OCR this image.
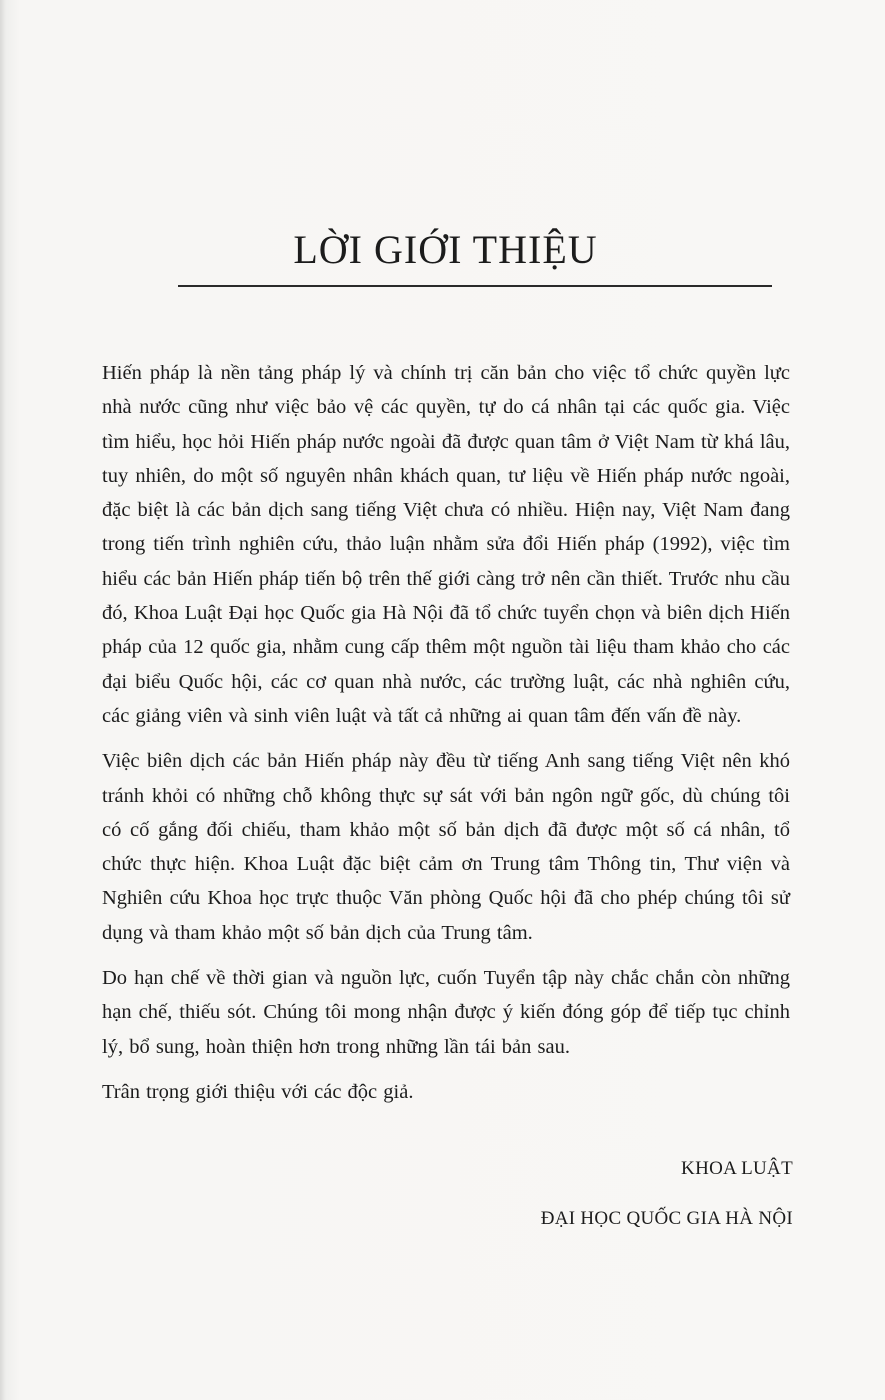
LỜI GIỚI THIỆU

Hiến pháp là nền tảng pháp lý và chính trị căn bản cho việc tổ chức quyền lực nhà nước cũng như việc bảo vệ các quyền, tự do cá nhân tại các quốc gia. Việc tìm hiểu, học hỏi Hiến pháp nước ngoài đã được quan tâm ở Việt Nam từ khá lâu, tuy nhiên, do một số nguyên nhân khách quan, tư liệu về Hiến pháp nước ngoài, đặc biệt là các bản dịch sang tiếng Việt chưa có nhiều. Hiện nay, Việt Nam đang trong tiến trình nghiên cứu, thảo luận nhằm sửa đổi Hiến pháp (1992), việc tìm hiểu các bản Hiến pháp tiến bộ trên thế giới càng trở nên cần thiết. Trước nhu cầu đó, Khoa Luật Đại học Quốc gia Hà Nội đã tổ chức tuyển chọn và biên dịch Hiến pháp của 12 quốc gia, nhằm cung cấp thêm một nguồn tài liệu tham khảo cho các đại biểu Quốc hội, các cơ quan nhà nước, các trường luật, các nhà nghiên cứu, các giảng viên và sinh viên luật và tất cả những ai quan tâm đến vấn đề này.

Việc biên dịch các bản Hiến pháp này đều từ tiếng Anh sang tiếng Việt nên khó tránh khỏi có những chỗ không thực sự sát với bản ngôn ngữ gốc, dù chúng tôi có cố gắng đối chiếu, tham khảo một số bản dịch đã được một số cá nhân, tổ chức thực hiện. Khoa Luật đặc biệt cảm ơn Trung tâm Thông tin, Thư viện và Nghiên cứu Khoa học trực thuộc Văn phòng Quốc hội đã cho phép chúng tôi sử dụng và tham khảo một số bản dịch của Trung tâm.

Do hạn chế về thời gian và nguồn lực, cuốn Tuyển tập này chắc chắn còn những hạn chế, thiếu sót. Chúng tôi mong nhận được ý kiến đóng góp để tiếp tục chỉnh lý, bổ sung, hoàn thiện hơn trong những lần tái bản sau.

Trân trọng giới thiệu với các độc giả.

KHOA LUẬT
ĐẠI HỌC QUỐC GIA HÀ NỘI
